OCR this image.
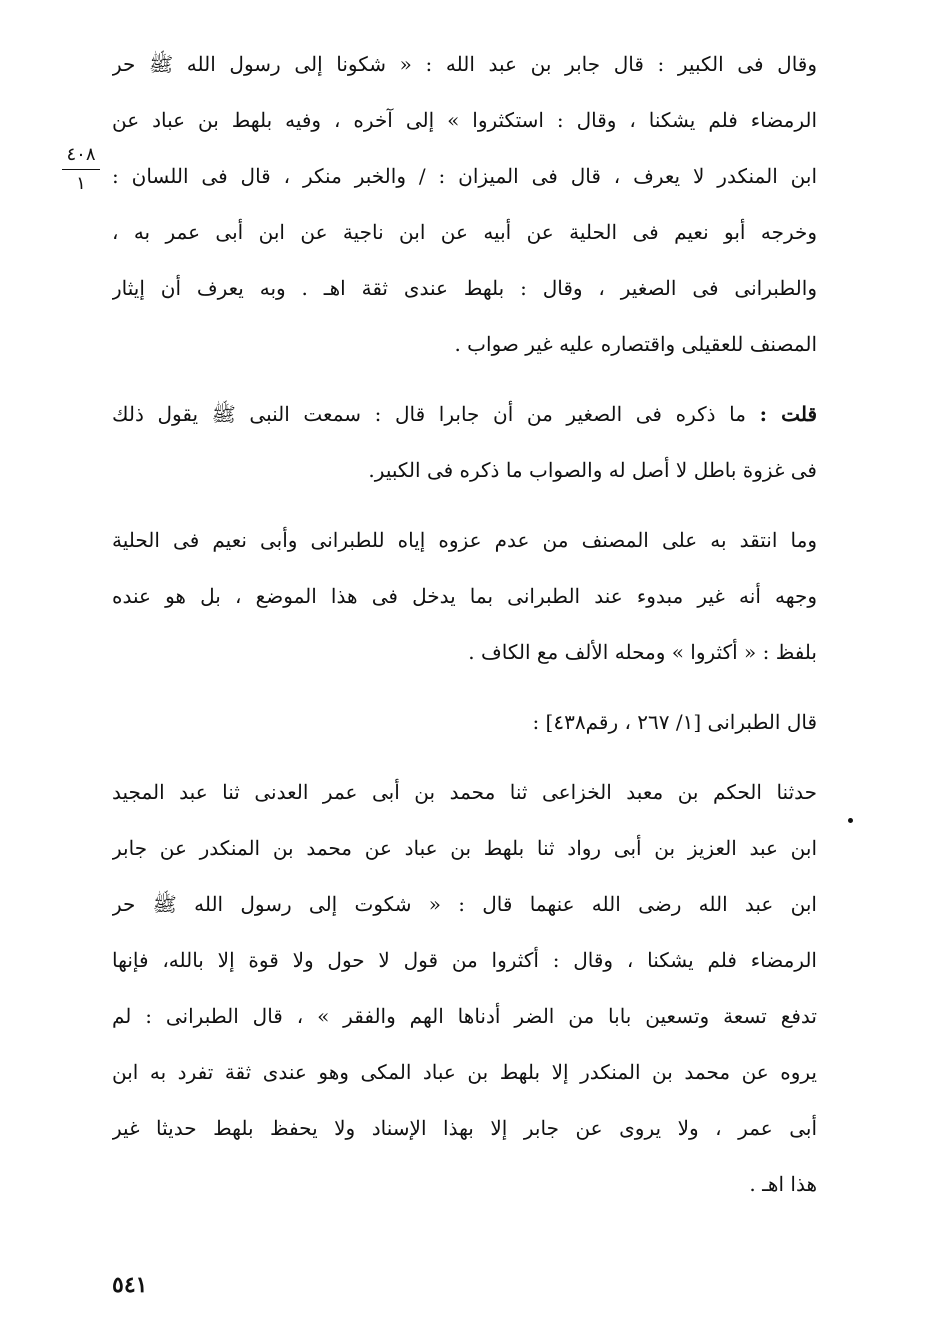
٤٠٨
١
وقال فى الكبير : قال جابر بن عبد الله : « شكونا إلى رسول الله ﷺ حر
الرمضاء فلم يشكنا ، وقال : استكثروا » إلى آخره ، وفيه بلهط بن عباد عن
ابن المنكدر لا يعرف ، قال فى الميزان : / والخبر منكر ، قال فى اللسان :
وخرجه أبو نعيم فى الحلية عن أبيه عن ابن ناجية عن ابن أبى عمر به ،
والطبرانى فى الصغير ، وقال : بلهط عندى ثقة اهـ . وبه يعرف أن إيثار
المصنف للعقيلى واقتصاره عليه غير صواب .
قلت : ما ذكره فى الصغير من أن جابرا قال : سمعت النبى ﷺ يقول ذلك
فى غزوة باطل لا أصل له والصواب ما ذكره فى الكبير.
وما انتقد به على المصنف من عدم عزوه إياه للطبرانى وأبى نعيم فى الحلية
وجهه أنه غير مبدوء عند الطبرانى بما يدخل فى هذا الموضع ، بل هو عنده
بلفظ : « أكثروا » ومحله الألف مع الكاف .
قال الطبرانى [١/ ٢٦٧ ، رقم٤٣٨] :
حدثنا الحكم بن معبد الخزاعى ثنا محمد بن أبى عمر العدنى ثنا عبد المجيد
ابن عبد العزيز بن أبى رواد ثنا بلهط بن عباد عن محمد بن المنكدر عن جابر
ابن عبد الله رضى الله عنهما قال : « شكوت إلى رسول الله ﷺ حر
الرمضاء فلم يشكنا ، وقال : أكثروا من قول لا حول ولا قوة إلا بالله، فإنها
تدفع تسعة وتسعين بابا من الضر أدناها الهم والفقر » ، قال الطبرانى : لم
يروه عن محمد بن المنكدر إلا بلهط بن عباد المكى وهو عندى ثقة تفرد به ابن
أبى عمر ، ولا يروى عن جابر إلا بهذا الإسناد ولا يحفظ بلهط حديثا غير
هذا اهـ .
٥٤١
